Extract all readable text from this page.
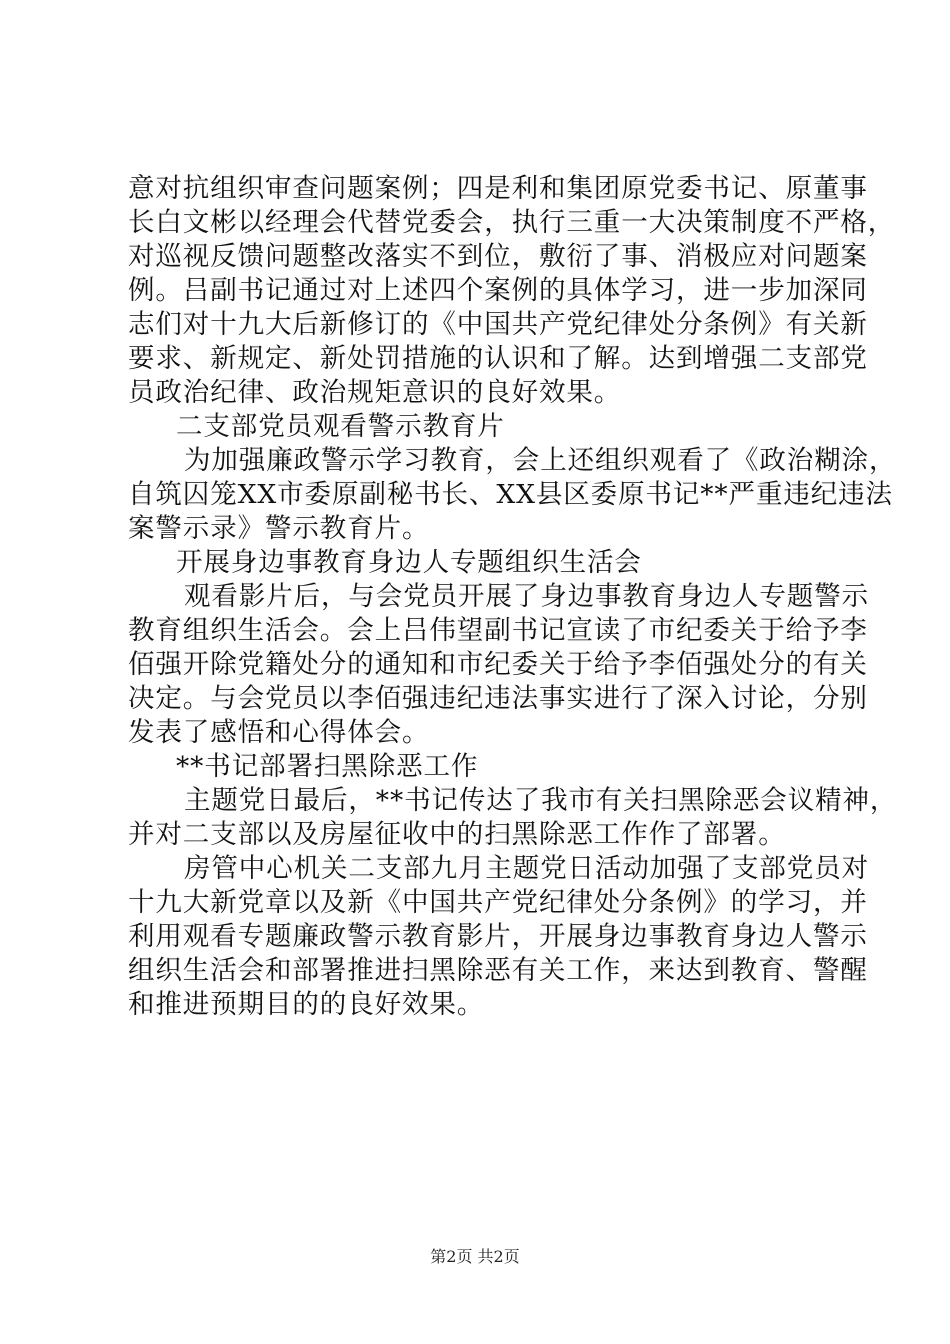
意对抗组织审查问题案例；四是利和集团原党委书记、原董事
长白文彬以经理会代替党委会，执行三重一大决策制度不严格，
对巡视反馈问题整改落实不到位，敷衍了事、消极应对问题案
例。吕副书记通过对上述四个案例的具体学习，进一步加深同
志们对十九大后新修订的《中国共产党纪律处分条例》有关新
要求、新规定、新处罚措施的认识和了解。达到增强二支部党
员政治纪律、政治规矩意识的良好效果。
二支部党员观看警示教育片
为加强廉政警示学习教育，会上还组织观看了《政治糊涂，
自筑囚笼XX市委原副秘书长、XX县区委原书记**严重违纪违法
案警示录》警示教育片。
开展身边事教育身边人专题组织生活会
观看影片后，与会党员开展了身边事教育身边人专题警示
教育组织生活会。会上吕伟望副书记宣读了市纪委关于给予李
佰强开除党籍处分的通知和市纪委关于给予李佰强处分的有关
决定。与会党员以李佰强违纪违法事实进行了深入讨论，分别
发表了感悟和心得体会。
**书记部署扫黑除恶工作
主题党日最后，**书记传达了我市有关扫黑除恶会议精神，
并对二支部以及房屋征收中的扫黑除恶工作作了部署。
房管中心机关二支部九月主题党日活动加强了支部党员对
十九大新党章以及新《中国共产党纪律处分条例》的学习，并
利用观看专题廉政警示教育影片，开展身边事教育身边人警示
组织生活会和部署推进扫黑除恶有关工作，来达到教育、警醒
和推进预期目的的良好效果。
第2页 共2页
